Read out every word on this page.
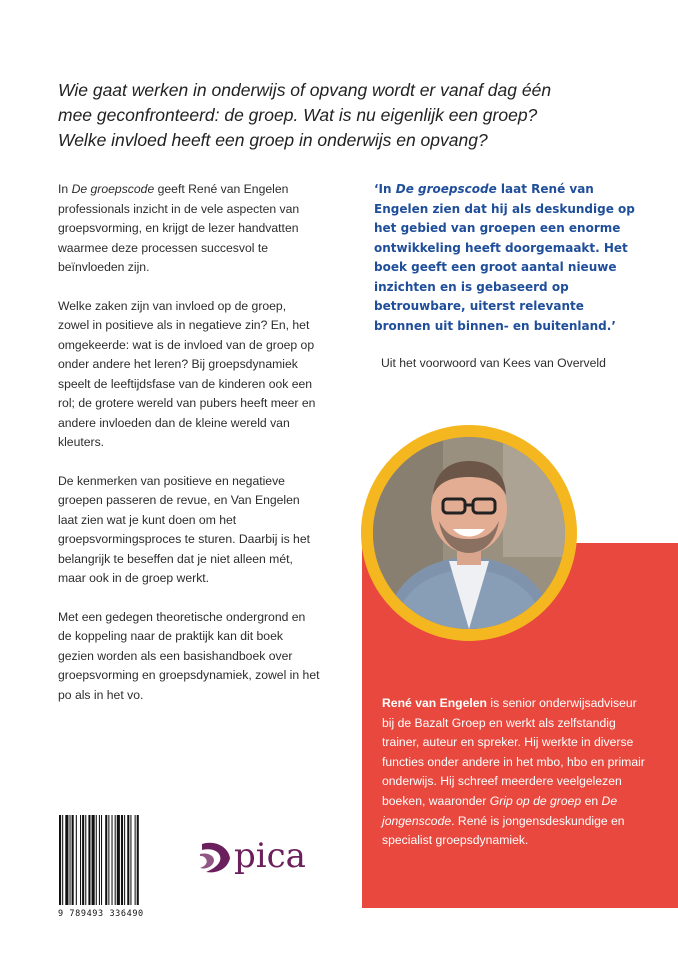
Wie gaat werken in onderwijs of opvang wordt er vanaf dag één

mee geconfronteerd: de groep. Wat is nu eigenlijk een groep?

Welke invloed heeft een groep in onderwijs en opvang?

In De groepscode geeft René van Engelen professionals inzicht in de vele aspecten van groepsvorming, en krijgt de lezer handvatten waarmee deze processen succesvol te beïnvloeden zijn.

Welke zaken zijn van invloed op de groep, zowel in positieve als in negatieve zin? En, het omgekeerde: wat is de invloed van de groep op onder andere het leren? Bij groepsdynamiek speelt de leeftijdsfase van de kinderen ook een rol; de grotere wereld van pubers heeft meer en andere invloeden dan de kleine wereld van kleuters.

De kenmerken van positieve en negatieve groepen passeren de revue, en Van Engelen laat zien wat je kunt doen om het groepsvormingsproces te sturen. Daarbij is het belangrijk te beseffen dat je niet alleen mét, maar ook in de groep werkt.

Met een gedegen theoretische ondergrond en de koppeling naar de praktijk kan dit boek gezien worden als een basishandboek over groepsvorming en groepsdynamiek, zowel in het po als in het vo.

‘In De groepscode laat René van Engelen zien dat hij als deskundige op het gebied van groepen een enorme ontwikkeling heeft doorgemaakt. Het boek geeft een groot aantal nieuwe inzichten en is gebaseerd op betrouwbare, uiterst relevante bronnen uit binnen- en buitenland.’

Uit het voorwoord van Kees van Overveld

René van Engelen is senior onderwijsadviseur bij de Bazalt Groep en werkt als zelfstandig trainer, auteur en spreker. Hij werkte in diverse functies onder andere in het mbo, hbo en primair onderwijs. Hij schreef meerdere veelgelezen boeken, waaronder Grip op de groep en De jongenscode. René is jongensdeskundige en specialist groepsdynamiek.

9 789493 336490
pica
